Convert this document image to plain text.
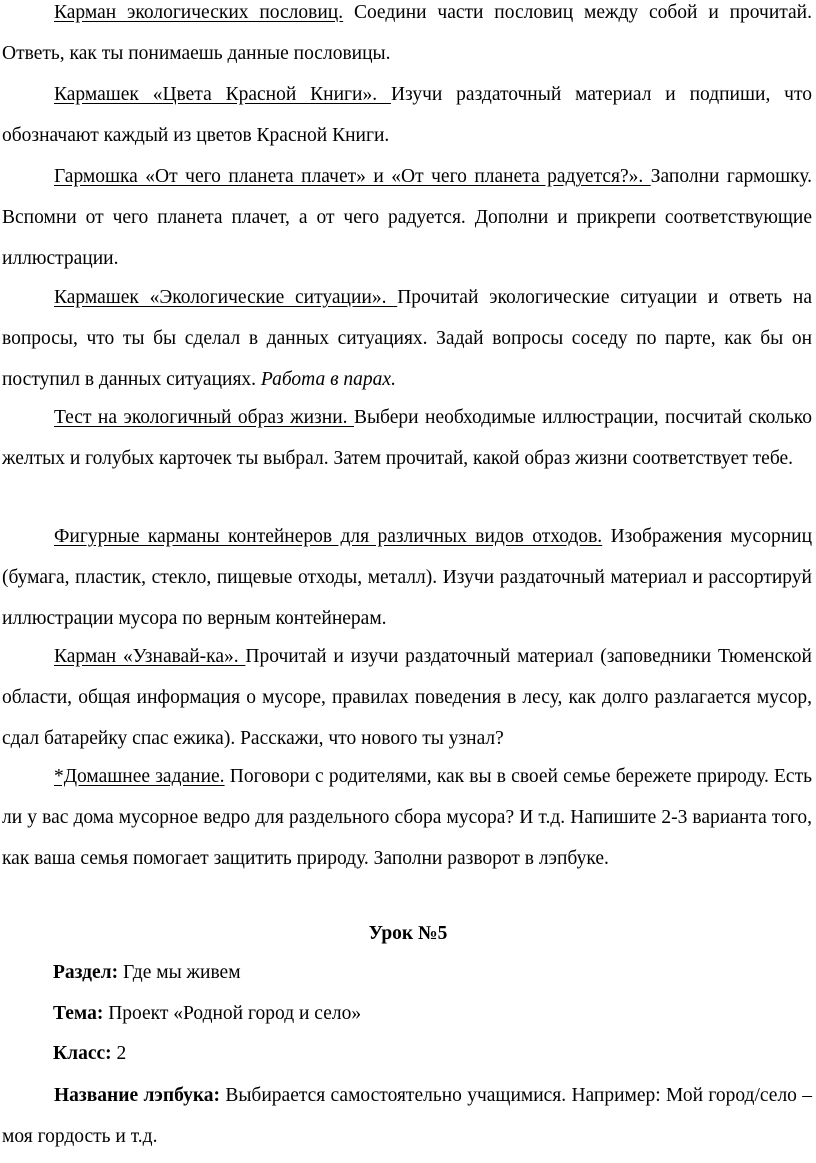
Карман экологических пословиц. Соедини части пословиц между собой и прочитай. Ответь, как ты понимаешь данные пословицы.

Кармашек «Цвета Красной Книги». Изучи раздаточный материал и подпиши, что обозначают каждый из цветов Красной Книги.

Гармошка «От чего планета плачет» и «От чего планета радуется?». Заполни гармошку. Вспомни от чего планета плачет, а от чего радуется. Дополни и прикрепи соответствующие иллюстрации.

Кармашек «Экологические ситуации». Прочитай экологические ситуации и ответь на вопросы, что ты бы сделал в данных ситуациях. Задай вопросы соседу по парте, как бы он поступил в данных ситуациях. Работа в парах.

Тест на экологичный образ жизни. Выбери необходимые иллюстрации, посчитай сколько желтых и голубых карточек ты выбрал. Затем прочитай, какой образ жизни соответствует тебе.

Фигурные карманы контейнеров для различных видов отходов. Изображения мусорниц (бумага, пластик, стекло, пищевые отходы, металл). Изучи раздаточный материал и рассортируй иллюстрации мусора по верным контейнерам.

Карман «Узнавай-ка». Прочитай и изучи раздаточный материал (заповедники Тюменской области, общая информация о мусоре, правилах поведения в лесу, как долго разлагается мусор, сдал батарейку спас ежика). Расскажи, что нового ты узнал?

*Домашнее задание. Поговори с родителями, как вы в своей семье бережете природу. Есть ли у вас дома мусорное ведро для раздельного сбора мусора? И т.д. Напишите 2-3 варианта того, как ваша семья помогает защитить природу. Заполни разворот в лэпбуке.

Урок №5
Раздел: Где мы живем
Тема: Проект «Родной город и село»
Класс: 2

Название лэпбука: Выбирается самостоятельно учащимися. Например: Мой город/село – моя гордость и т.д.
